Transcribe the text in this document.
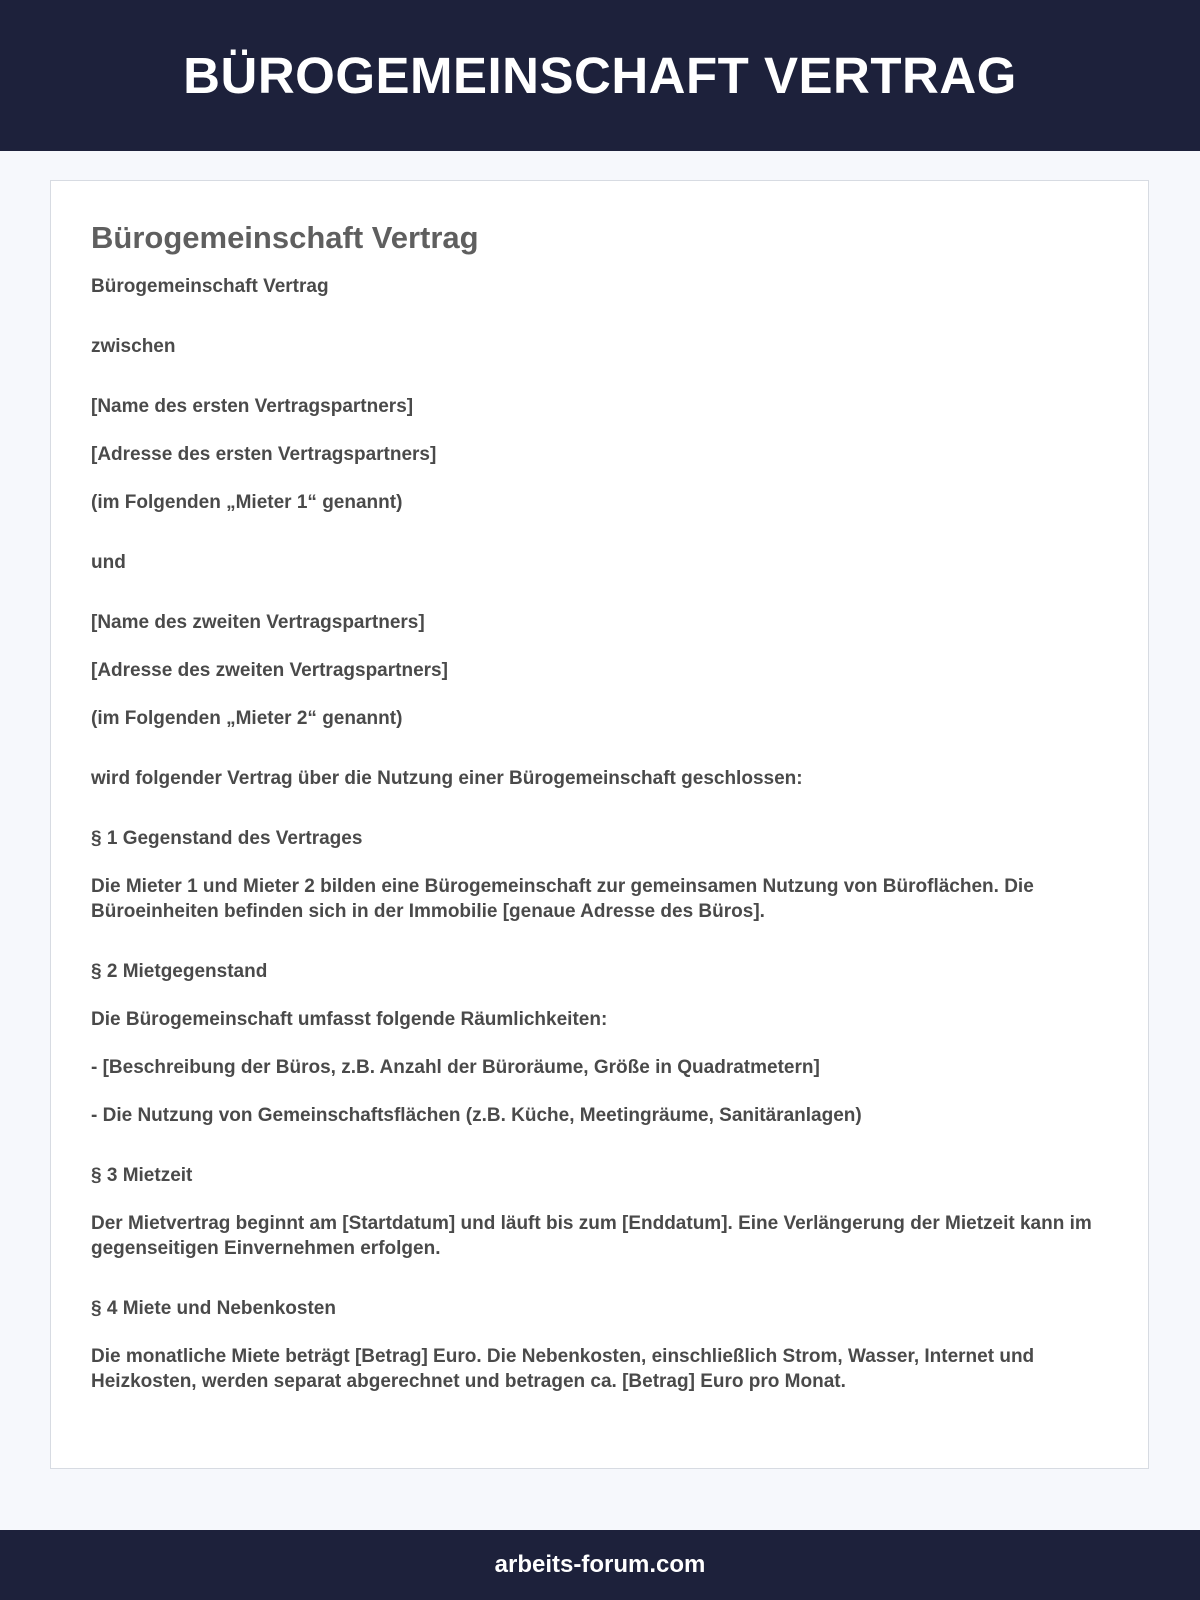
BÜROGEMEINSCHAFT VERTRAG
Bürogemeinschaft Vertrag

Bürogemeinschaft Vertrag

zwischen

[Name des ersten Vertragspartners]

[Adresse des ersten Vertragspartners]

(im Folgenden „Mieter 1“ genannt)

und

[Name des zweiten Vertragspartners]

[Adresse des zweiten Vertragspartners]

(im Folgenden „Mieter 2“ genannt)

wird folgender Vertrag über die Nutzung einer Bürogemeinschaft geschlossen:

§ 1 Gegenstand des Vertrages

Die Mieter 1 und Mieter 2 bilden eine Bürogemeinschaft zur gemeinsamen Nutzung von Büroflächen. Die Büroeinheiten befinden sich in der Immobilie [genaue Adresse des Büros].

§ 2 Mietgegenstand

Die Bürogemeinschaft umfasst folgende Räumlichkeiten:

- [Beschreibung der Büros, z.B. Anzahl der Büroräume, Größe in Quadratmetern]

- Die Nutzung von Gemeinschaftsflächen (z.B. Küche, Meetingräume, Sanitäranlagen)

§ 3 Mietzeit

Der Mietvertrag beginnt am [Startdatum] und läuft bis zum [Enddatum]. Eine Verlängerung der Mietzeit kann im gegenseitigen Einvernehmen erfolgen.

§ 4 Miete und Nebenkosten

Die monatliche Miete beträgt [Betrag] Euro. Die Nebenkosten, einschließlich Strom, Wasser, Internet und Heizkosten, werden separat abgerechnet und betragen ca. [Betrag] Euro pro Monat.

arbeits-forum.com
